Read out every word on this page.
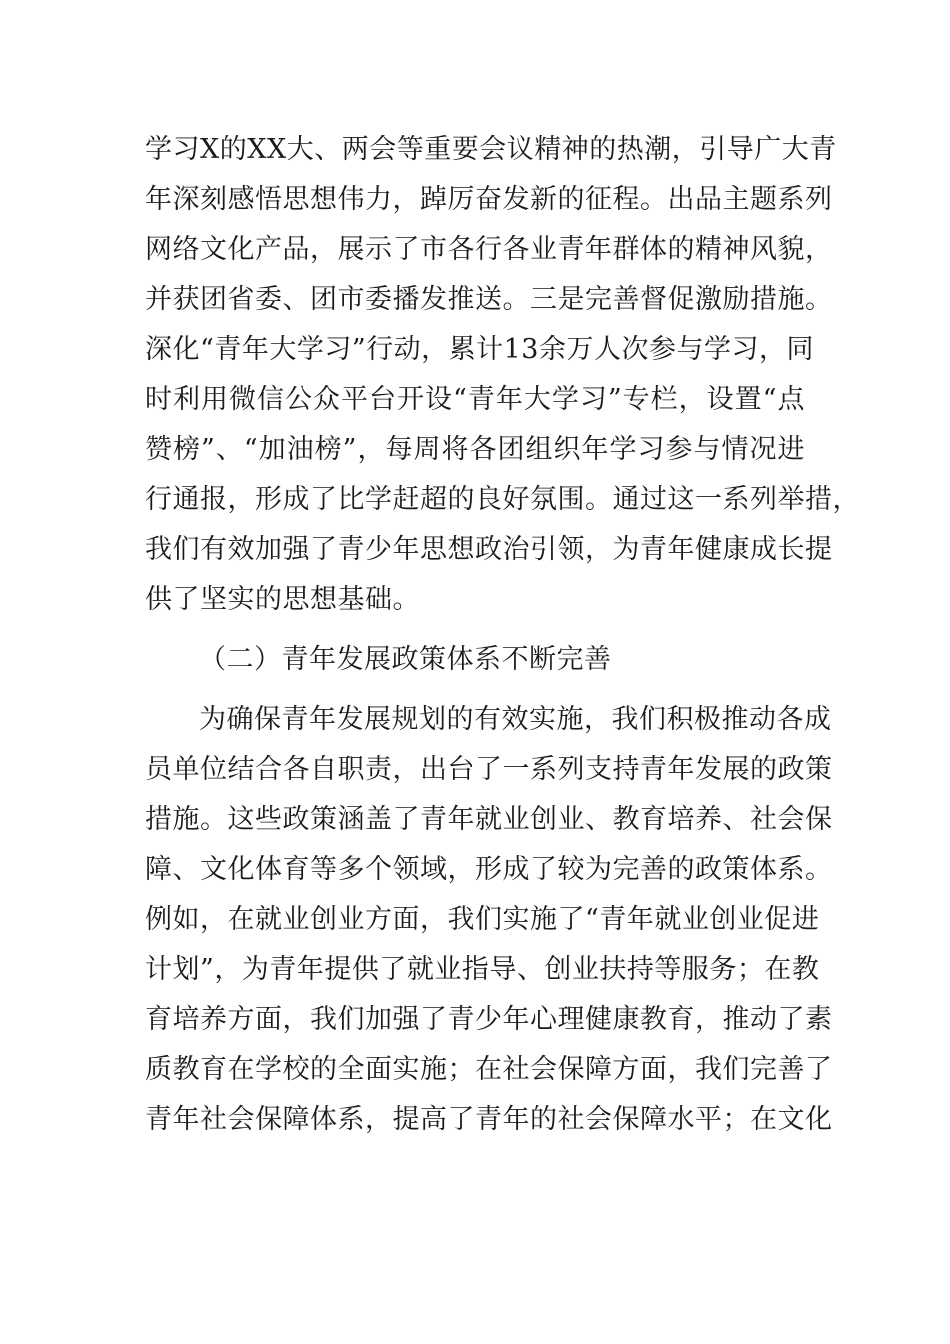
学 习 X 的 XX 大 、 两 会 等 重 要 会 议 精 神 的 热 潮 ， 引 导 广 大 青
年 深 刻 感 悟 思 想 伟 力 ， 踔 厉 奋 发 新 的 征 程 。 出 品 主 题 系 列
网 络 文 化 产 品 ， 展 示 了 市 各 行 各 业 青 年 群 体 的 精 神 风 貌 ，
并 获 团 省 委 、 团 市 委 播 发 推 送 。 三 是 完 善 督 促 激 励 措 施 。
深 化 “ 青 年 大 学 习 ” 行 动 ， 累 计 13 余 万 人 次 参 与 学 习 ， 同
时 利 用 微 信 公 众 平 台 开 设 “ 青 年 大 学 习 ” 专 栏 ， 设 置 “ 点
赞 榜 ” 、 “ 加 油 榜 ” ， 每 周 将 各 团 组 织 年 学 习 参 与 情 况 进
行 通 报 ， 形 成 了 比 学 赶 超 的 良 好 氛 围 。 通 过 这 一 系 列 举 措 ，
我 们 有 效 加 强 了 青 少 年 思 想 政 治 引 领 ， 为 青 年 健 康 成 长 提
供了坚实的思想基础。
（二）青年发展政策体系不断完善
为 确 保 青 年 发 展 规 划 的 有 效 实 施 ， 我 们 积 极 推 动 各 成
员 单 位 结 合 各 自 职 责 ， 出 台 了 一 系 列 支 持 青 年 发 展 的 政 策
措 施 。 这 些 政 策 涵 盖 了 青 年 就 业 创 业 、 教 育 培 养 、 社 会 保
障 、 文 化 体 育 等 多 个 领 域 ， 形 成 了 较 为 完 善 的 政 策 体 系 。
例 如 ， 在 就 业 创 业 方 面 ， 我 们 实 施 了 “ 青 年 就 业 创 业 促 进
计 划 ” ， 为 青 年 提 供 了 就 业 指 导 、 创 业 扶 持 等 服 务 ； 在 教
育 培 养 方 面 ， 我 们 加 强 了 青 少 年 心 理 健 康 教 育 ， 推 动 了 素
质 教 育 在 学 校 的 全 面 实 施 ； 在 社 会 保 障 方 面 ， 我 们 完 善 了
青 年 社 会 保 障 体 系 ， 提 高 了 青 年 的 社 会 保 障 水 平 ； 在 文 化
